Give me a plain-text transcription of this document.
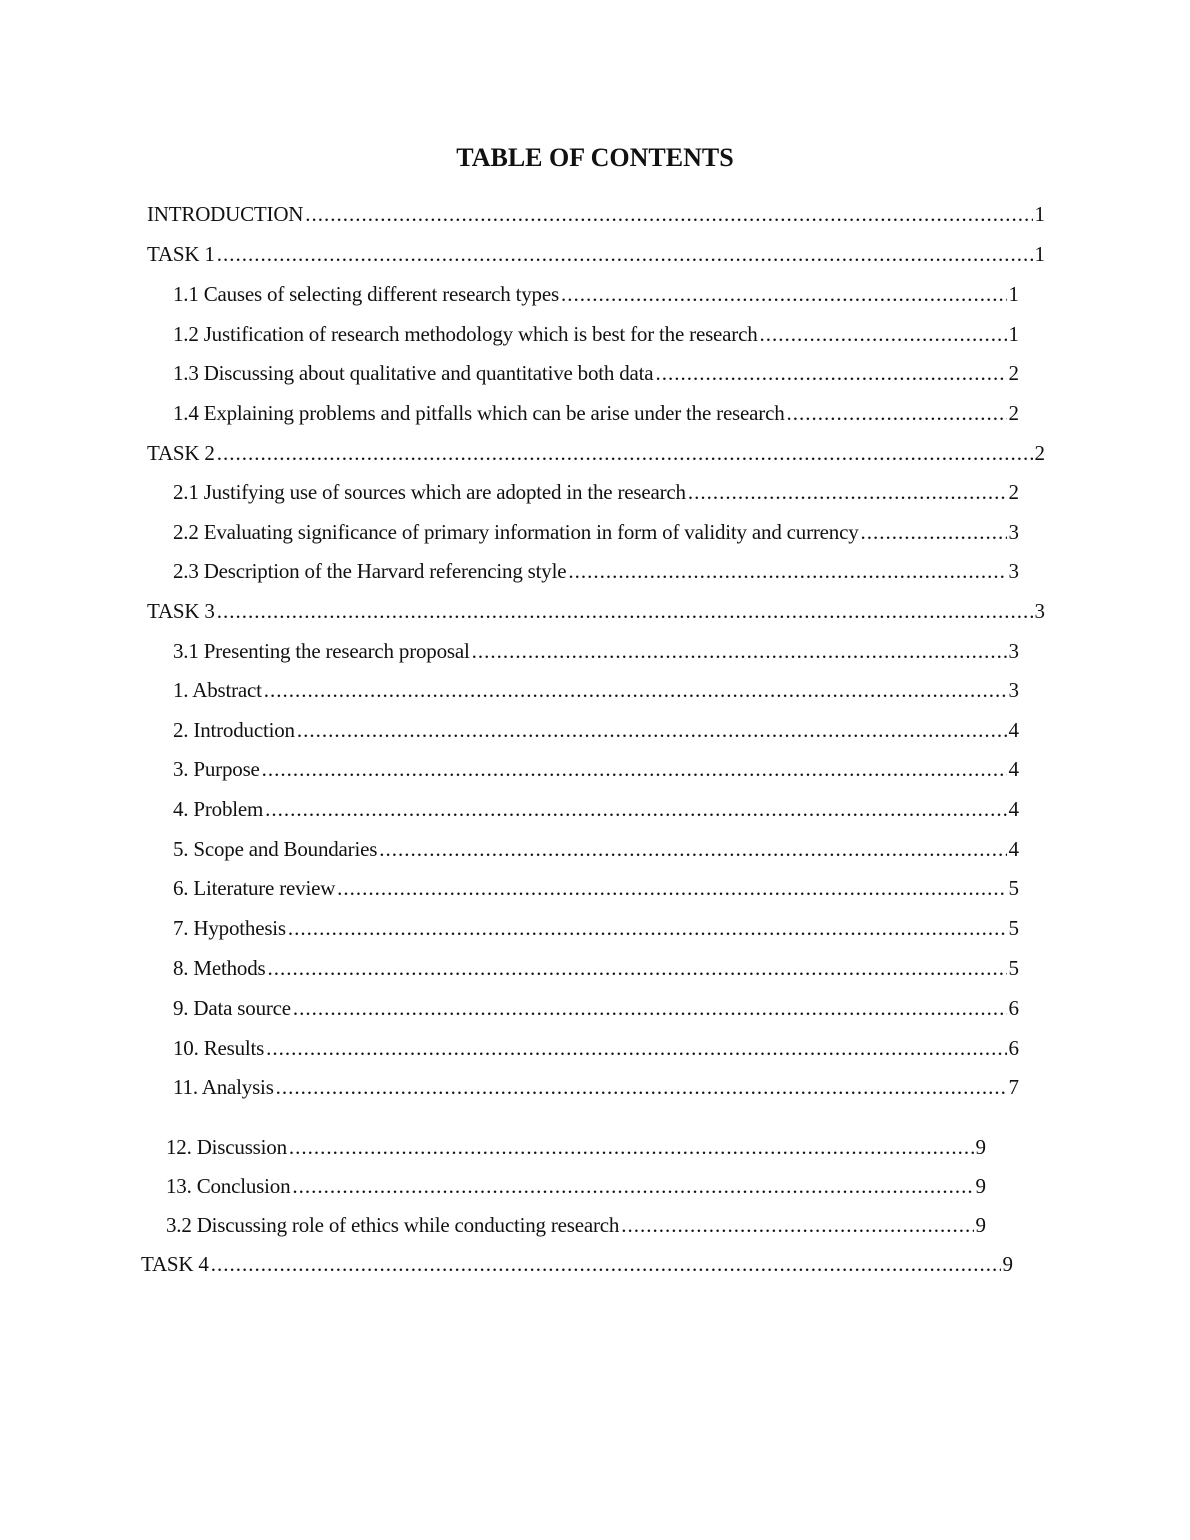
TABLE OF CONTENTS
INTRODUCTION .....	1
TASK 1 .....	1
1.1 Causes of selecting different research types .....	1
1.2 Justification of research methodology which is best for the research .....	1
1.3 Discussing about qualitative and quantitative both data .....	2
1.4 Explaining problems and pitfalls which can be arise under the research .....	2
TASK 2 .....	2
2.1 Justifying use of sources which are adopted in the research .....	2
2.2 Evaluating significance of primary information in form of validity and currency .....	3
2.3 Description of the Harvard referencing style .....	3
TASK 3 .....	3
3.1 Presenting the research proposal .....	3
1. Abstract .....	3
2. Introduction .....	4
3. Purpose .....	4
4. Problem .....	4
5. Scope and Boundaries .....	4
6. Literature review .....	5
7. Hypothesis .....	5
8. Methods .....	5
9. Data source .....	6
10. Results .....	6
11. Analysis .....	7
12. Discussion .....	9
13. Conclusion .....	9
3.2 Discussing role of ethics while conducting research .....	9
TASK 4 .....	9
